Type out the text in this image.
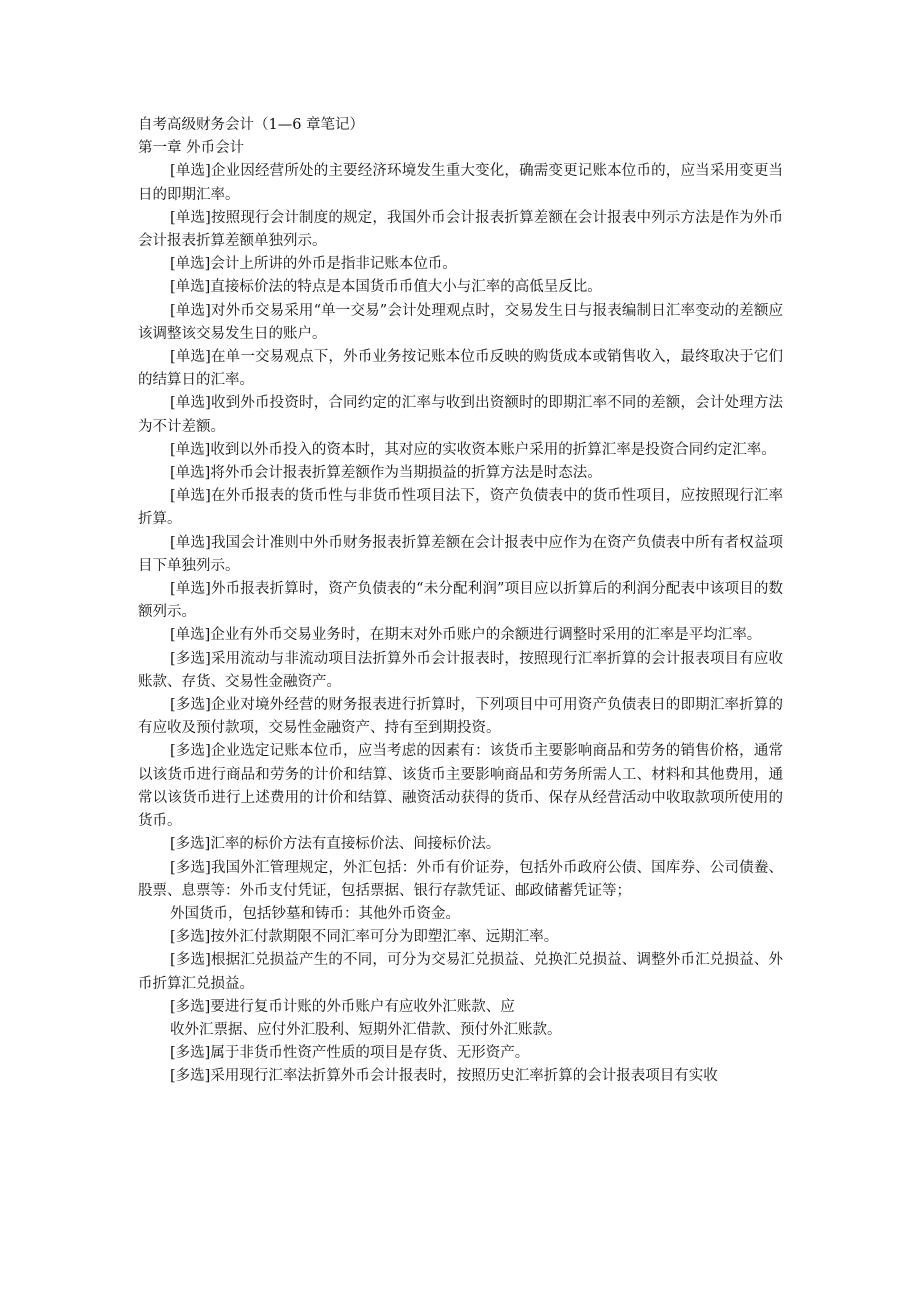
自考高级财务会计（1—6 章笔记）

第一章 外币会计

[单选]企业因经营所处的主要经济环境发生重大变化，确需变更记账本位币的，应当采用变更当日的即期汇率。

[单选]按照现行会计制度的规定，我国外币会计报表折算差额在会计报表中列示方法是作为外币会计报表折算差额单独列示。

[单选]会计上所讲的外币是指非记账本位币。

[单选]直接标价法的特点是本国货币币值大小与汇率的高低呈反比。

[单选]对外币交易采用“单一交易”会计处理观点时，交易发生日与报表编制日汇率变动的差额应该调整该交易发生日的账户。

[单选]在单一交易观点下，外币业务按记账本位币反映的购货成本或销售收入，最终取决于它们的结算日的汇率。

[单选]收到外币投资时，合同约定的汇率与收到出资额时的即期汇率不同的差额，会计处理方法为不计差额。

[单选]收到以外币投入的资本时，其对应的实收资本账户采用的折算汇率是投资合同约定汇率。

[单选]将外币会计报表折算差额作为当期损益的折算方法是时态法。

[单选]在外币报表的货币性与非货币性项目法下，资产负债表中的货币性项目，应按照现行汇率折算。

[单选]我国会计准则中外币财务报表折算差额在会计报表中应作为在资产负债表中所有者权益项目下单独列示。

[单选]外币报表折算时，资产负债表的“未分配利润”项目应以折算后的利润分配表中该项目的数额列示。

[单选]企业有外币交易业务时，在期末对外币账户的余额进行调整时采用的汇率是平均汇率。

[多选]采用流动与非流动项目法折算外币会计报表时，按照现行汇率折算的会计报表项目有应收账款、存货、交易性金融资产。

[多选]企业对境外经营的财务报表进行折算时，下列项目中可用资产负债表日的即期汇率折算的有应收及预付款项，交易性金融资产、持有至到期投资。

[多选]企业选定记账本位币，应当考虑的因素有：该货币主要影响商品和劳务的销售价格，通常以该货币进行商品和劳务的计价和结算、该货币主要影响商品和劳务所需人工、材料和其他费用，通常以该货币进行上述费用的计价和结算、融资活动获得的货币、保存从经营活动中收取款项所使用的货币。

[多选]汇率的标价方法有直接标价法、间接标价法。

[多选]我国外汇管理规定，外汇包括：外币有价证券，包括外币政府公债、国库券、公司债鲞、股票、息票等：外币支付凭证，包括票据、银行存款凭证、邮政储蓄凭证等；

外国货币，包括钞墓和铸币：其他外币资金。

[多选]按外汇付款期限不同汇率可分为即塑汇率、远期汇率。

[多选]根据汇兑损益产生的不同，可分为交易汇兑损益、兑换汇兑损益、调整外币汇兑损益、外币折算汇兑损益。

[多选]要进行复币计账的外币账户有应收外汇账款、应

收外汇票据、应付外汇股利、短期外汇借款、预付外汇账款。

[多选]属于非货币性资产性质的项目是存货、无形资产。

[多选]采用现行汇率法折算外币会计报表时，按照历史汇率折算的会计报表项目有实收
